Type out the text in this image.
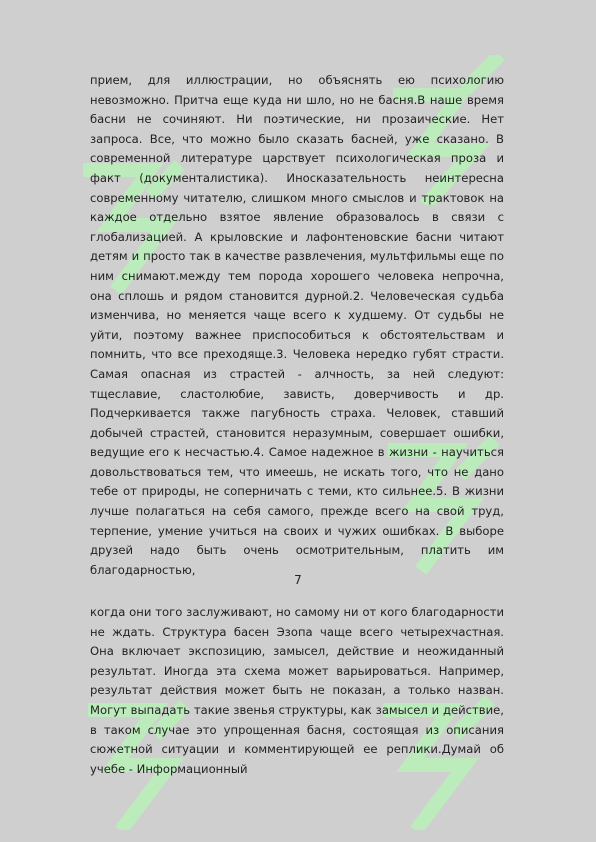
прием, для иллюстрации, но объяснять ею психологию невозможно. Притча еще куда ни шло, но не басня.В наше время басни не сочиняют. Ни поэтические, ни прозаические. Нет запроса. Все, что можно было сказать басней, уже сказано. В современной литературе царствует психологическая проза и факт (документалистика). Иносказательность неинтересна современному читателю, слишком много смыслов и трактовок на каждое отдельно взятое явление образовалось в связи с глобализацией. А крыловские и лафонтеновские басни читают детям и просто так в качестве развлечения, мультфильмы еще по ним снимают.между тем порода хорошего человека непрочна, она сплошь и рядом становится дурной.2. Человеческая судьба изменчива, но меняется чаще всего к худшему. От судьбы не уйти, поэтому важнее приспособиться к обстоятельствам и помнить, что все преходяще.3. Человека нередко губят страсти. Самая опасная из страстей - алчность, за ней следуют: тщеславие, сластолюбие, зависть, доверчивость и др. Подчеркивается также пагубность страха. Человек, ставший добычей страстей, становится неразумным, совершает ошибки, ведущие его к несчастью.4. Самое надежное в жизни - научиться довольствоваться тем, что имеешь, не искать того, что не дано тебе от природы, не соперничать с теми, кто сильнее.5. В жизни лучше полагаться на себя самого, прежде всего на свой труд, терпение, умение учиться на своих и чужих ошибках. В выборе друзей надо быть очень осмотрительным, платить им благодарностью,

7

когда они того заслуживают, но самому ни от кого благодарности не ждать. Структура басен Эзопа чаще всего четырехчастная. Она включает экспозицию, замысел, действие и неожиданный результат. Иногда эта схема может варьироваться. Например, результат действия может быть не показан, а только назван. Могут выпадать такие звенья структуры, как замысел и действие, в таком случае это упрощенная басня, состоящая из описания сюжетной ситуации и комментирующей ее реплики.Думай об учебе - Информационный
